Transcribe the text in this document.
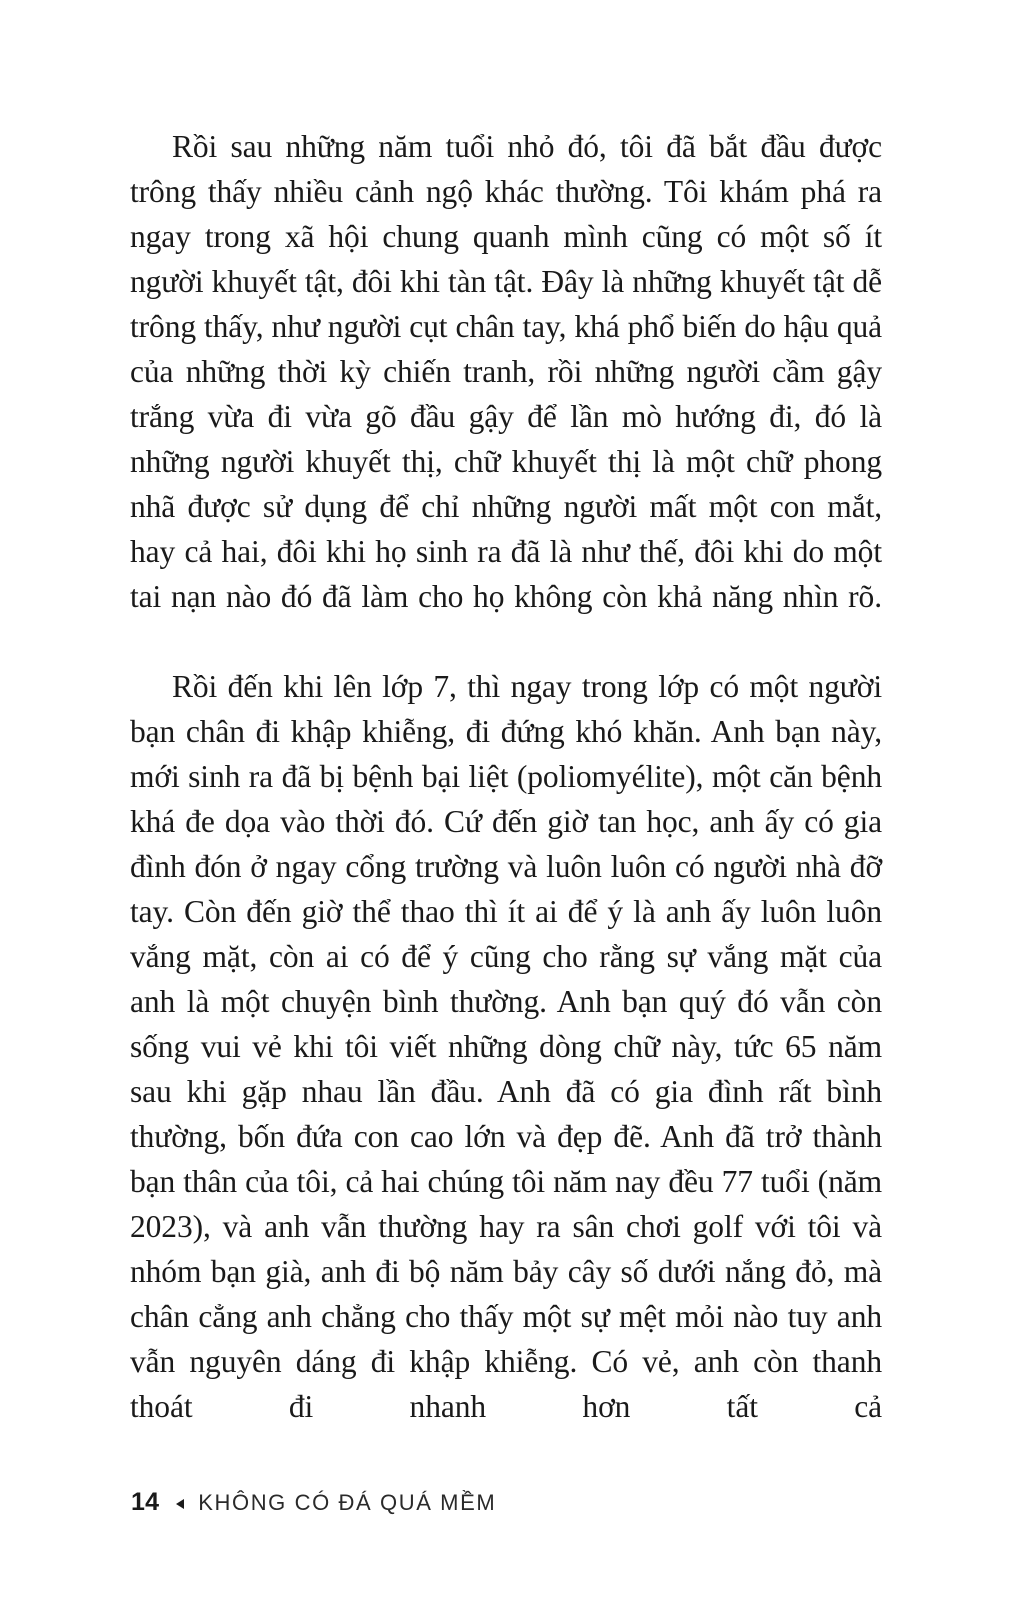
Rồi sau những năm tuổi nhỏ đó, tôi đã bắt đầu được trông thấy nhiều cảnh ngộ khác thường. Tôi khám phá ra ngay trong xã hội chung quanh mình cũng có một số ít người khuyết tật, đôi khi tàn tật. Đây là những khuyết tật dễ trông thấy, như người cụt chân tay, khá phổ biến do hậu quả của những thời kỳ chiến tranh, rồi những người cầm gậy trắng vừa đi vừa gõ đầu gậy để lần mò hướng đi, đó là những người khuyết thị, chữ khuyết thị là một chữ phong nhã được sử dụng để chỉ những người mất một con mắt, hay cả hai, đôi khi họ sinh ra đã là như thế, đôi khi do một tai nạn nào đó đã làm cho họ không còn khả năng nhìn rõ.

Rồi đến khi lên lớp 7, thì ngay trong lớp có một người bạn chân đi khập khiễng, đi đứng khó khăn. Anh bạn này, mới sinh ra đã bị bệnh bại liệt (poliomyélite), một căn bệnh khá đe dọa vào thời đó. Cứ đến giờ tan học, anh ấy có gia đình đón ở ngay cổng trường và luôn luôn có người nhà đỡ tay. Còn đến giờ thể thao thì ít ai để ý là anh ấy luôn luôn vắng mặt, còn ai có để ý cũng cho rằng sự vắng mặt của anh là một chuyện bình thường. Anh bạn quý đó vẫn còn sống vui vẻ khi tôi viết những dòng chữ này, tức 65 năm sau khi gặp nhau lần đầu. Anh đã có gia đình rất bình thường, bốn đứa con cao lớn và đẹp đẽ. Anh đã trở thành bạn thân của tôi, cả hai chúng tôi năm nay đều 77 tuổi (năm 2023), và anh vẫn thường hay ra sân chơi golf với tôi và nhóm bạn già, anh đi bộ năm bảy cây số dưới nắng đỏ, mà chân cẳng anh chẳng cho thấy một sự mệt mỏi nào tuy anh vẫn nguyên dáng đi khập khiễng. Có vẻ, anh còn thanh thoát đi nhanh hơn tất cả

14 KHÔNG CÓ ĐÁ QUÁ MỀM
